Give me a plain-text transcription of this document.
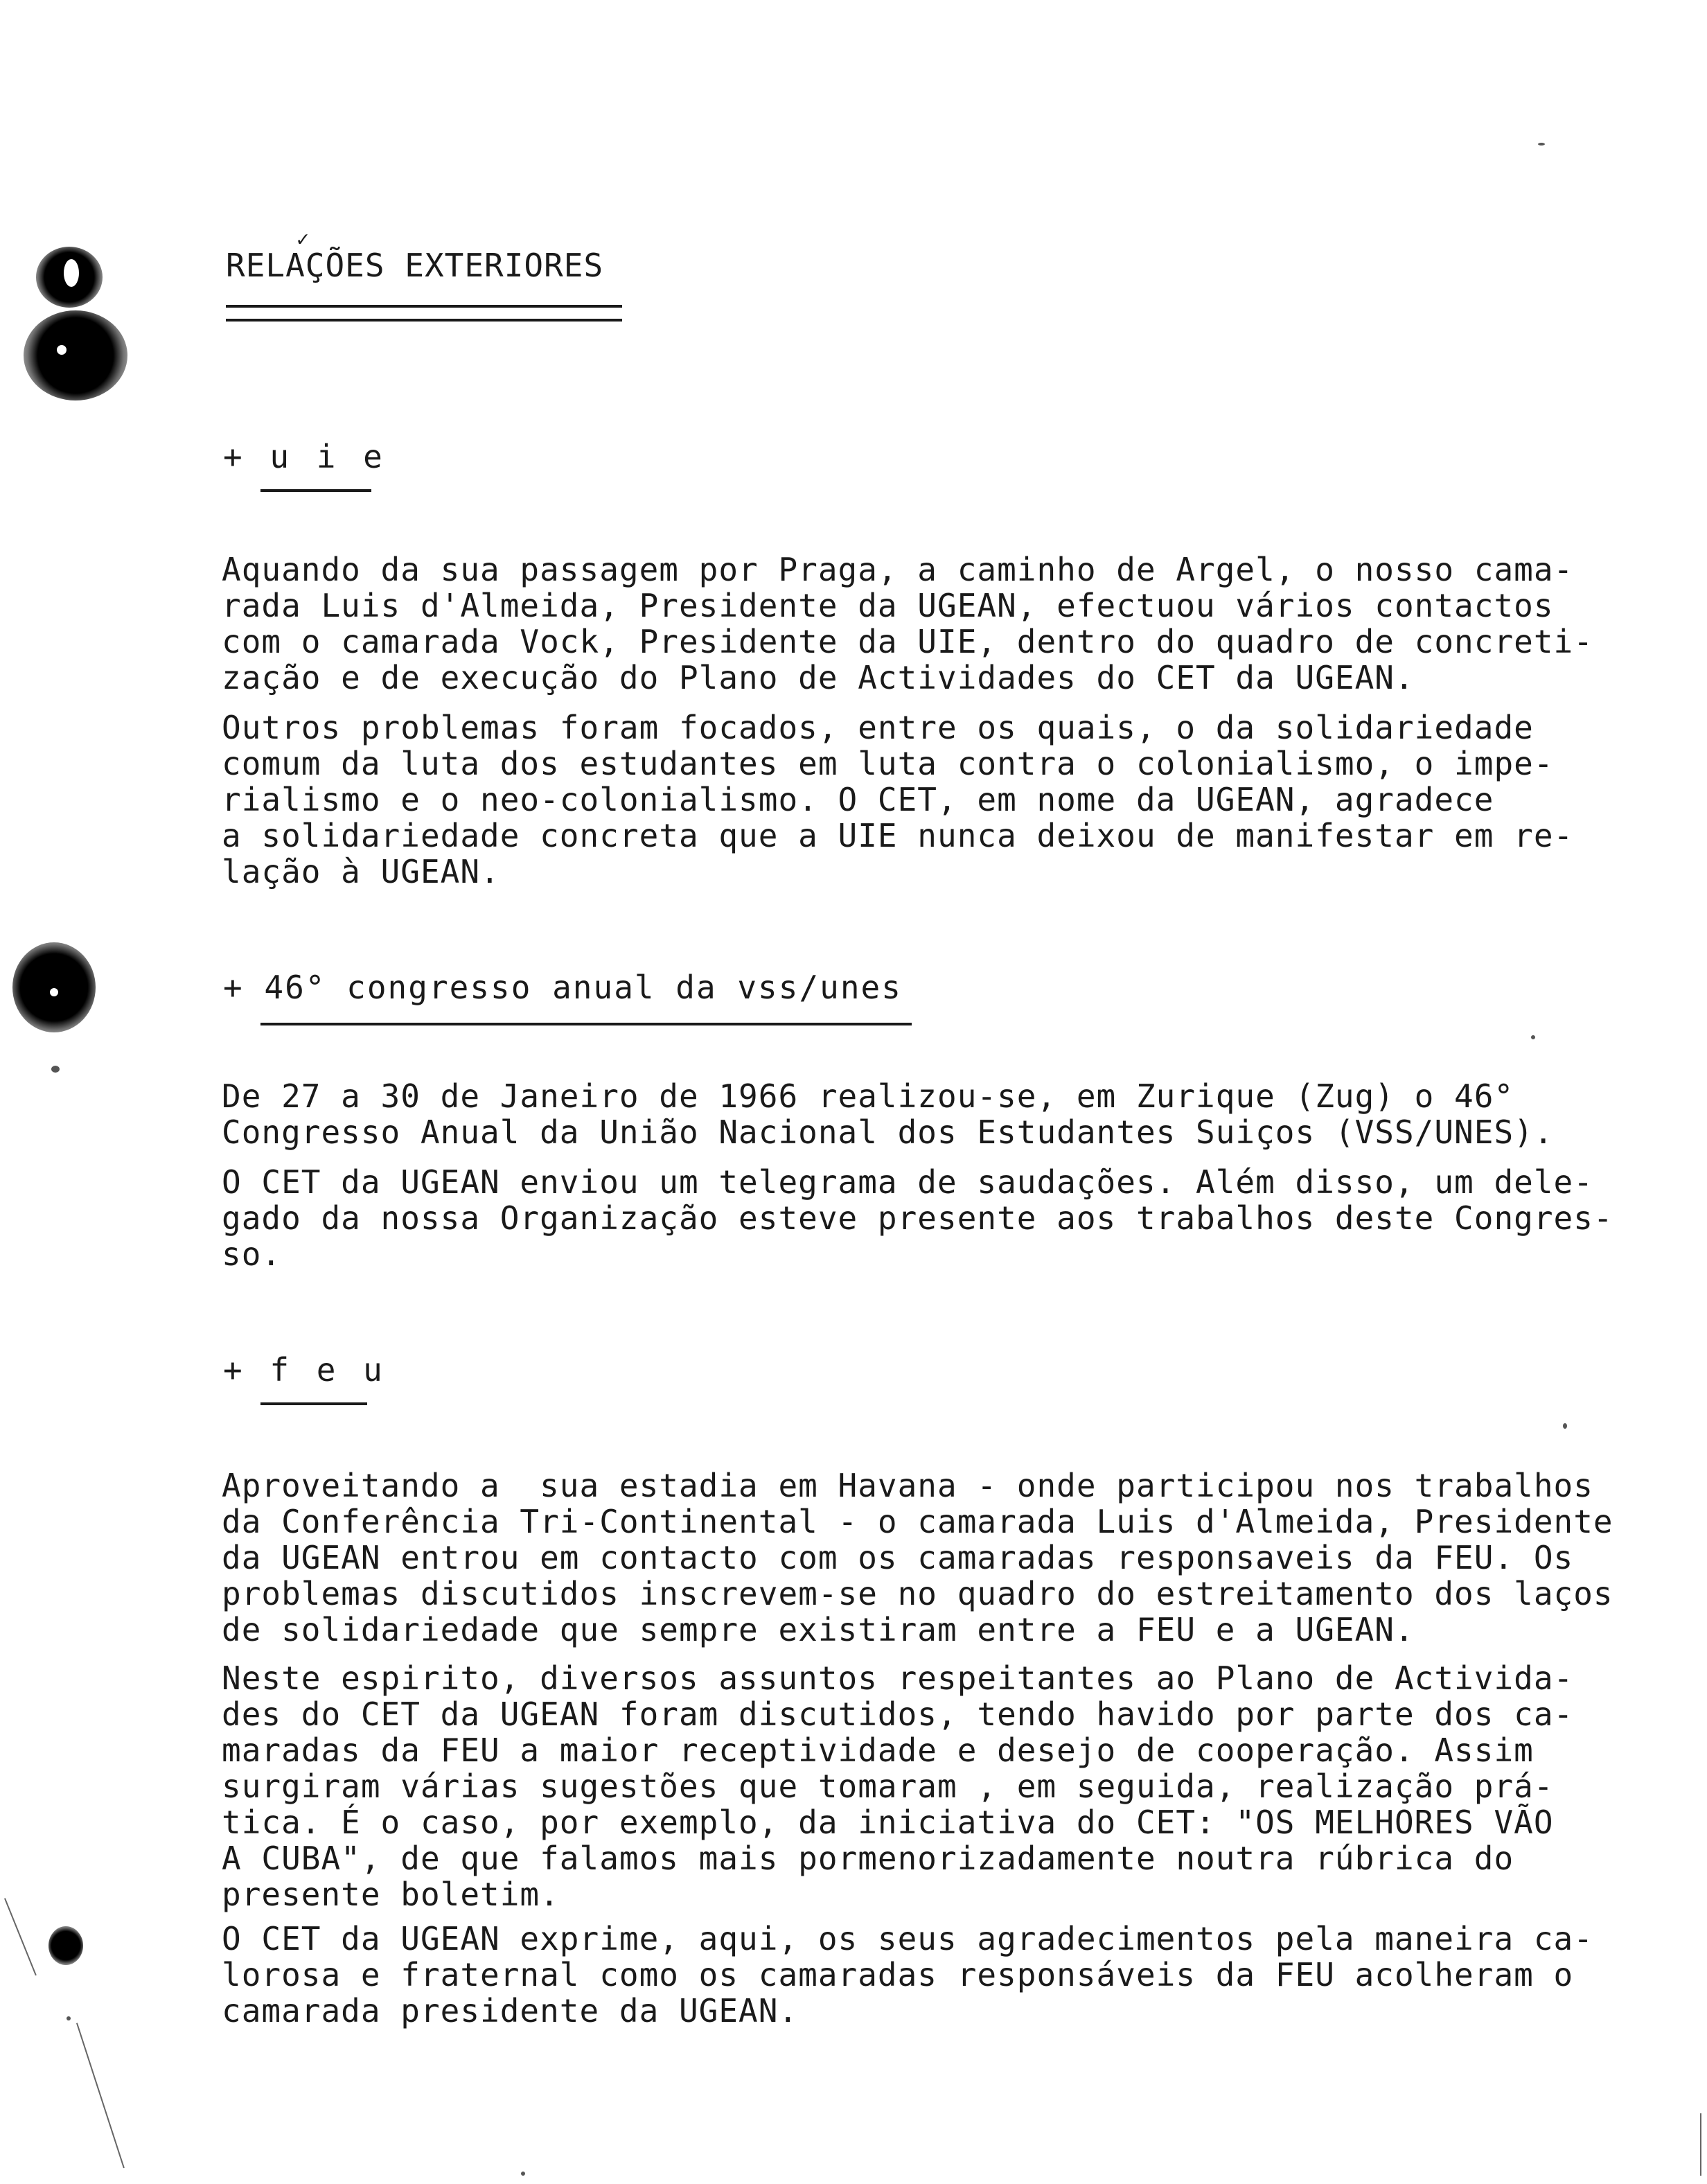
✓
RELAÇÕES EXTERIORES
+ u i e

Aquando da sua passagem por Praga, a caminho de Argel, o nosso cama-
rada Luis d'Almeida, Presidente da UGEAN, efectuou vários contactos
com o camarada Vock, Presidente da UIE, dentro do quadro de concreti-
zação e de execução do Plano de Actividades do CET da UGEAN.

Outros problemas foram focados, entre os quais, o da solidariedade
comum da luta dos estudantes em luta contra o colonialismo, o impe-
rialismo e o neo-colonialismo. O CET, em nome da UGEAN, agradece
a solidariedade concreta que a UIE nunca deixou de manifestar em re-
lação à UGEAN.

+ 46° congresso anual da vss/unes

De 27 a 30 de Janeiro de 1966 realizou-se, em Zurique (Zug) o 46°
Congresso Anual da União Nacional dos Estudantes Suiços (VSS/UNES).

O CET da UGEAN enviou um telegrama de saudações. Além disso, um dele-
gado da nossa Organização esteve presente aos trabalhos deste Congres-
so.

+ f e u

Aproveitando a  sua estadia em Havana - onde participou nos trabalhos
da Conferência Tri-Continental - o camarada Luis d'Almeida, Presidente
da UGEAN entrou em contacto com os camaradas responsaveis da FEU. Os
problemas discutidos inscrevem-se no quadro do estreitamento dos laços
de solidariedade que sempre existiram entre a FEU e a UGEAN.

Neste espirito, diversos assuntos respeitantes ao Plano de Activida-
des do CET da UGEAN foram discutidos, tendo havido por parte dos ca-
maradas da FEU a maior receptividade e desejo de cooperação. Assim
surgiram várias sugestões que tomaram , em seguida, realização prá-
tica. É o caso, por exemplo, da iniciativa do CET: "OS MELHORES VÃO
A CUBA", de que falamos mais pormenorizadamente noutra rúbrica do
presente boletim.

O CET da UGEAN exprime, aqui, os seus agradecimentos pela maneira ca-
lorosa e fraternal como os camaradas responsáveis da FEU acolheram o
camarada presidente da UGEAN.
